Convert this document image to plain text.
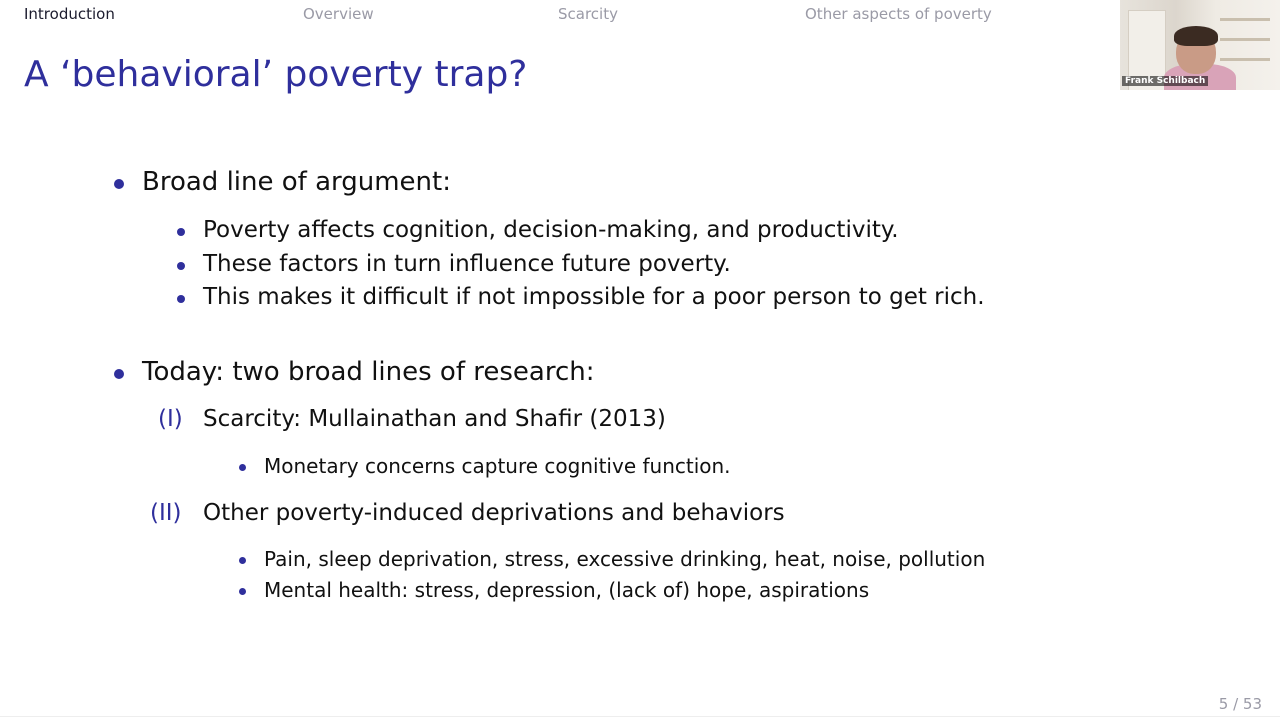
Introduction	Overview	Scarcity	Other aspects of poverty
Frank Schilbach
A ‘behavioral’ poverty trap?
Broad line of argument:
Poverty affects cognition, decision-making, and productivity.
These factors in turn influence future poverty.
This makes it difficult if not impossible for a poor person to get rich.
Today: two broad lines of research:
(I) Scarcity: Mullainathan and Shafir (2013)
Monetary concerns capture cognitive function.
(II) Other poverty-induced deprivations and behaviors
Pain, sleep deprivation, stress, excessive drinking, heat, noise, pollution
Mental health: stress, depression, (lack of) hope, aspirations
5 / 53
